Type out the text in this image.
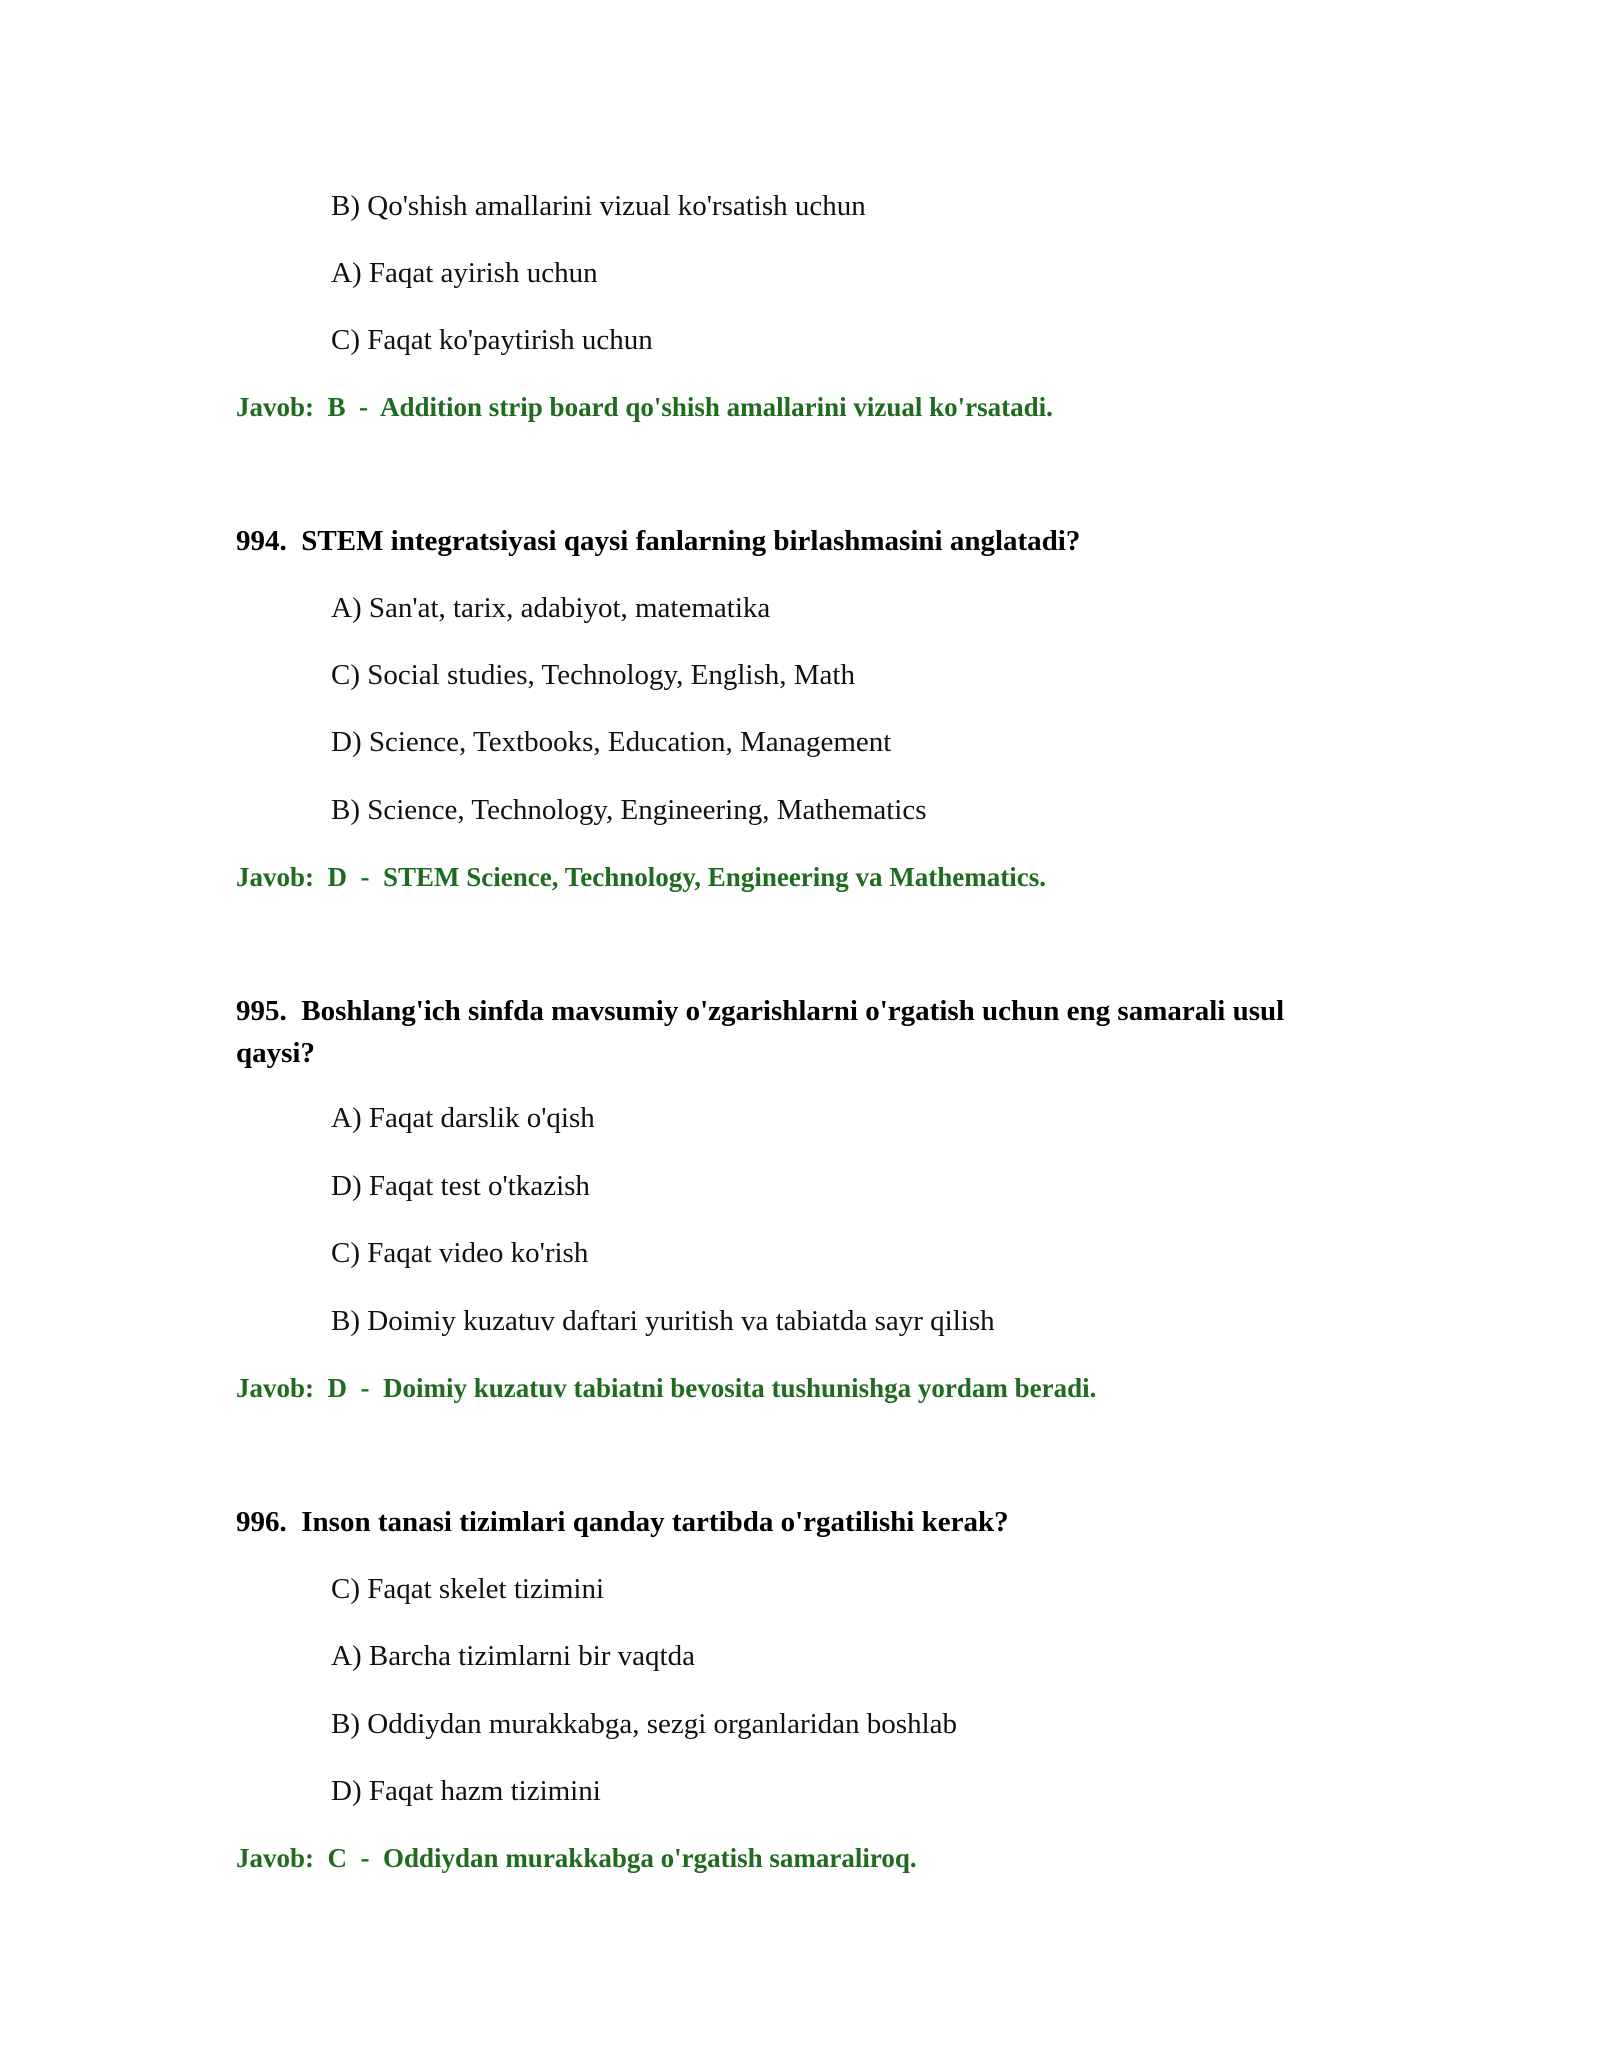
B) Qo'shish amallarini vizual ko'rsatish uchun
A) Faqat ayirish uchun
C) Faqat ko'paytirish uchun
Javob:  B  -  Addition strip board qo'shish amallarini vizual ko'rsatadi.
994. STEM integratsiyasi qaysi fanlarning birlashmasini anglatadi?
A) San'at, tarix, adabiyot, matematika
C) Social studies, Technology, English, Math
D) Science, Textbooks, Education, Management
B) Science, Technology, Engineering, Mathematics
Javob:  D  -  STEM Science, Technology, Engineering va Mathematics.
995. Boshlang'ich sinfda mavsumiy o'zgarishlarni o'rgatish uchun eng samarali usul qaysi?
A) Faqat darslik o'qish
D) Faqat test o'tkazish
C) Faqat video ko'rish
B) Doimiy kuzatuv daftari yuritish va tabiatda sayr qilish
Javob:  D  -  Doimiy kuzatuv tabiatni bevosita tushunishga yordam beradi.
996. Inson tanasi tizimlari qanday tartibda o'rgatilishi kerak?
C) Faqat skelet tizimini
A) Barcha tizimlarni bir vaqtda
B) Oddiydan murakkabga, sezgi organlaridan boshlab
D) Faqat hazm tizimini
Javob:  C  -  Oddiydan murakkabga o'rgatish samaraliroq.
